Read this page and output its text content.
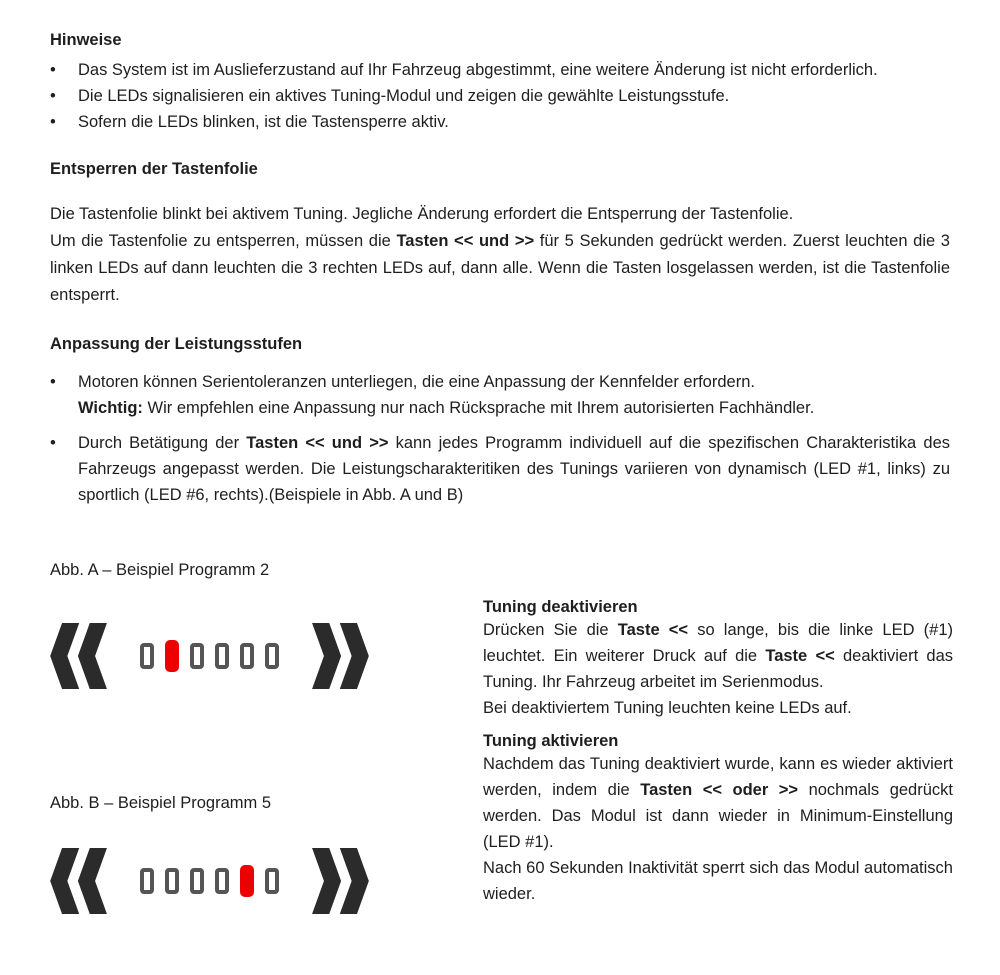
Hinweise
•	Das System ist im Auslieferzustand auf Ihr Fahrzeug abgestimmt, eine weitere Änderung ist nicht erforderlich.
•	Die LEDs signalisieren ein aktives Tuning-Modul und zeigen die gewählte Leistungsstufe.
•	Sofern die LEDs blinken, ist die Tastensperre aktiv.
Entsperren der Tastenfolie

Die Tastenfolie blinkt bei aktivem Tuning. Jegliche Änderung erfordert die Entsperrung der Tastenfolie.
Um die Tastenfolie zu entsperren, müssen die Tasten << und >> für 5 Sekunden gedrückt werden. Zuerst leuchten die 3 linken LEDs auf dann leuchten die 3 rechten LEDs auf, dann alle. Wenn die Tasten losgelassen werden, ist die Tastenfolie entsperrt.

Anpassung der Leistungsstufen
•	Motoren können Serientoleranzen unterliegen, die eine Anpassung der Kennfelder erfordern.
Wichtig: Wir empfehlen eine Anpassung nur nach Rücksprache mit Ihrem autorisierten Fachhändler.
•	Durch Betätigung der Tasten << und >> kann jedes Programm individuell auf die spezifischen Charakteristika des Fahrzeugs angepasst werden. Die Leistungscharakteritiken des Tunings variieren von dynamisch (LED #1, links) zu sportlich (LED #6, rechts).(Beispiele in Abb. A und B)

Abb. A – Beispiel Programm 2

Abb. B – Beispiel Programm 5

Tuning deaktivieren

Drücken Sie die Taste << so lange, bis die linke LED (#1) leuchtet. Ein weiterer Druck auf die Taste << deaktiviert das Tuning. Ihr Fahrzeug arbeitet im Serienmodus.

Bei deaktiviertem Tuning leuchten keine LEDs auf.

Tuning aktivieren

Nachdem das Tuning deaktiviert wurde, kann es wieder aktiviert werden, indem die Tasten << oder >> nochmals gedrückt werden. Das Modul ist dann wieder in Minimum-Einstellung (LED #1).

Nach 60 Sekunden Inaktivität sperrt sich das Modul automatisch wieder.
